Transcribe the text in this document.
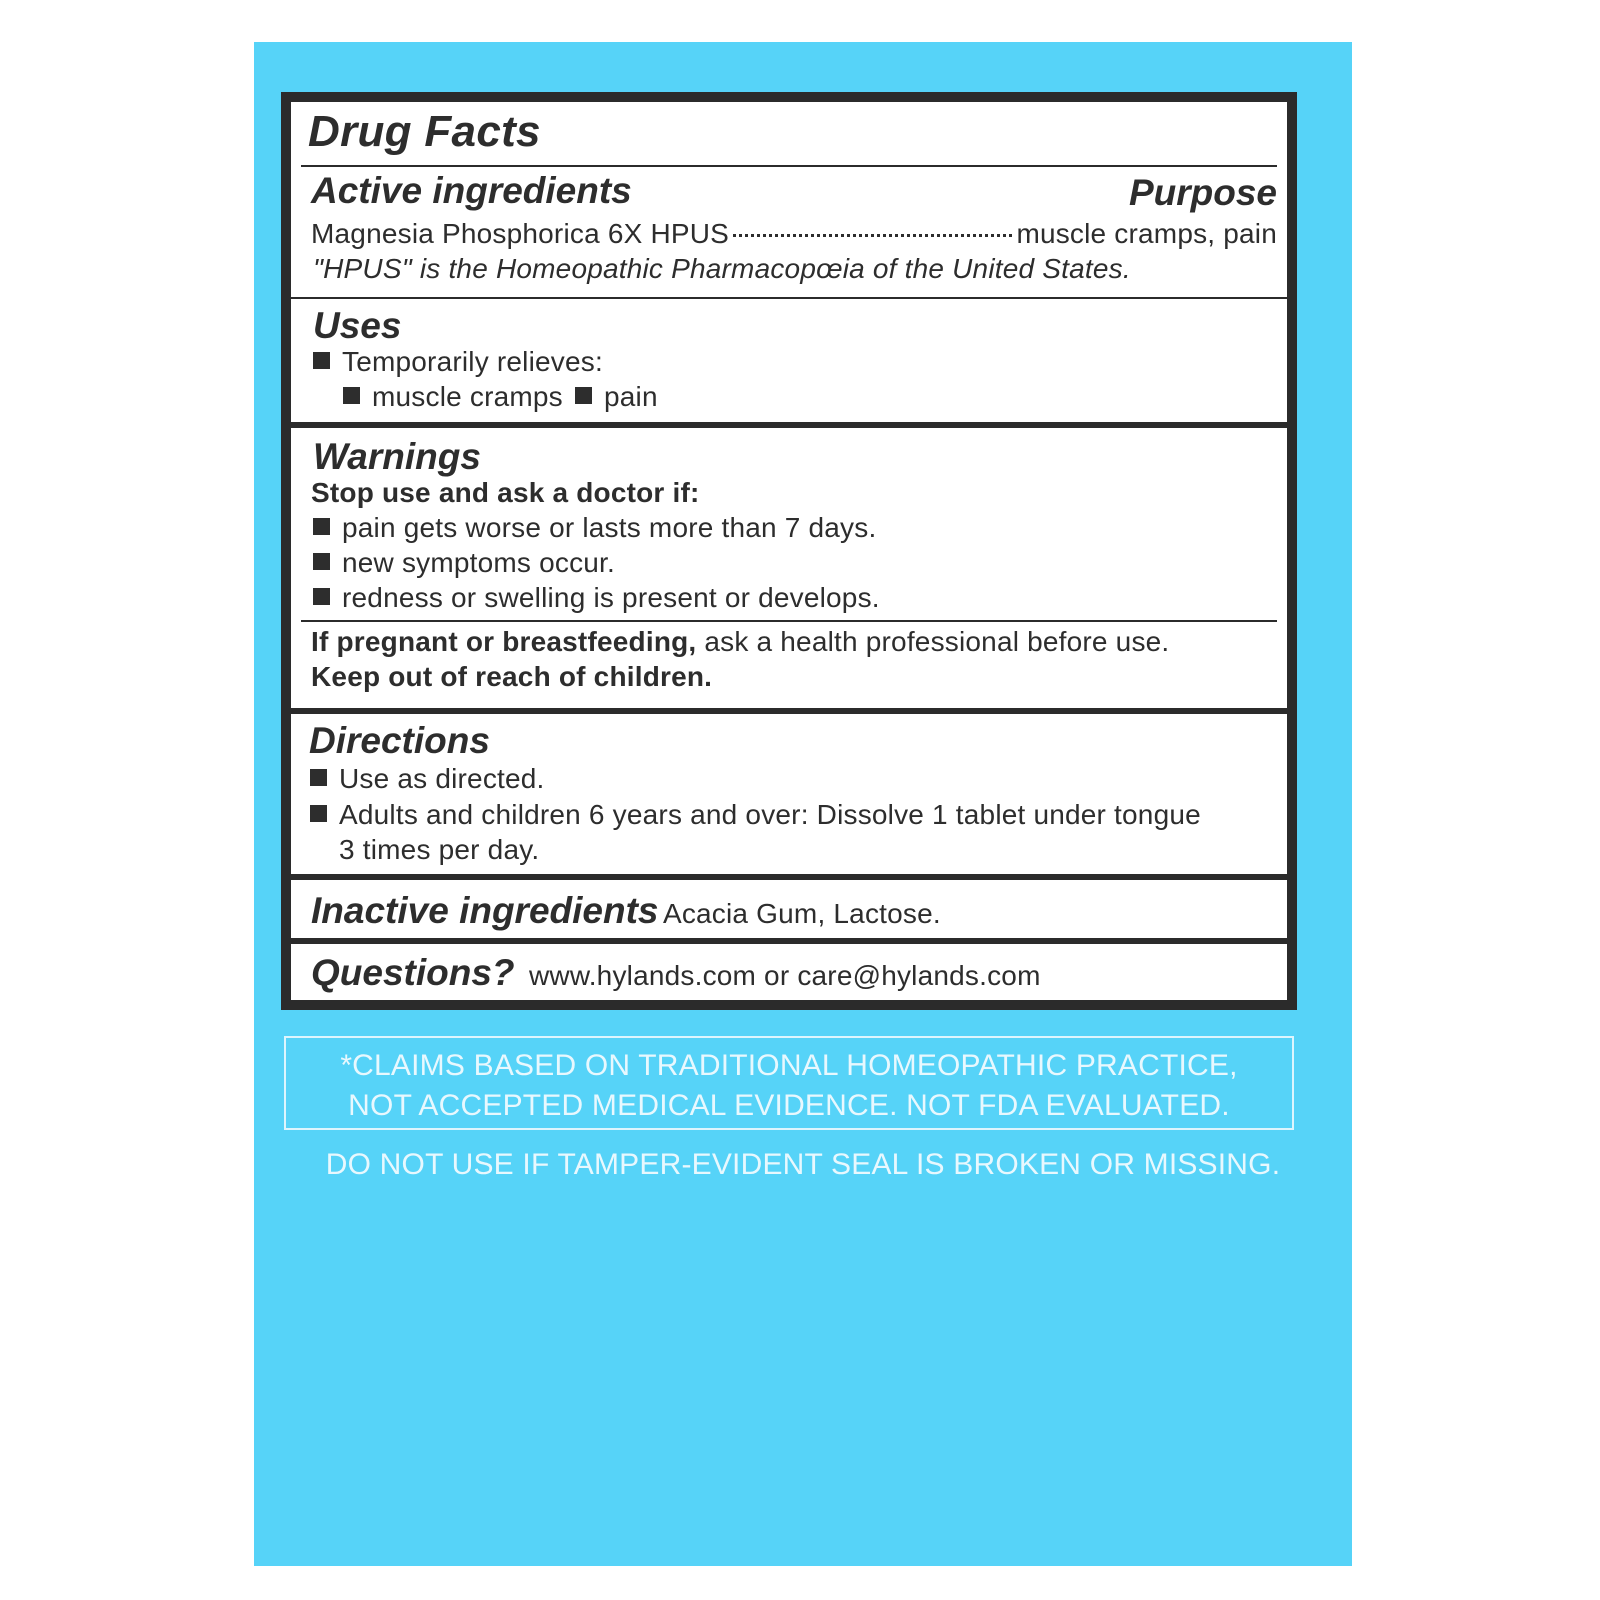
Drug Facts
Active ingredients	Purpose
Magnesia Phosphorica 6X HPUS	muscle cramps, pain
"HPUS" is the Homeopathic Pharmacopœia of the United States.
Uses
Temporarily relieves:
muscle cramps	pain
Warnings
Stop use and ask a doctor if:
pain gets worse or lasts more than 7 days.
new symptoms occur.
redness or swelling is present or develops.
If pregnant or breastfeeding, ask a health professional before use.
Keep out of reach of children.
Directions
Use as directed.
Adults and children 6 years and over: Dissolve 1 tablet under tongue
3 times per day.
Inactive ingredients Acacia Gum, Lactose.
Questions? www.hylands.com or care@hylands.com
*CLAIMS BASED ON TRADITIONAL HOMEOPATHIC PRACTICE,
NOT ACCEPTED MEDICAL EVIDENCE. NOT FDA EVALUATED.
DO NOT USE IF TAMPER-EVIDENT SEAL IS BROKEN OR MISSING.
